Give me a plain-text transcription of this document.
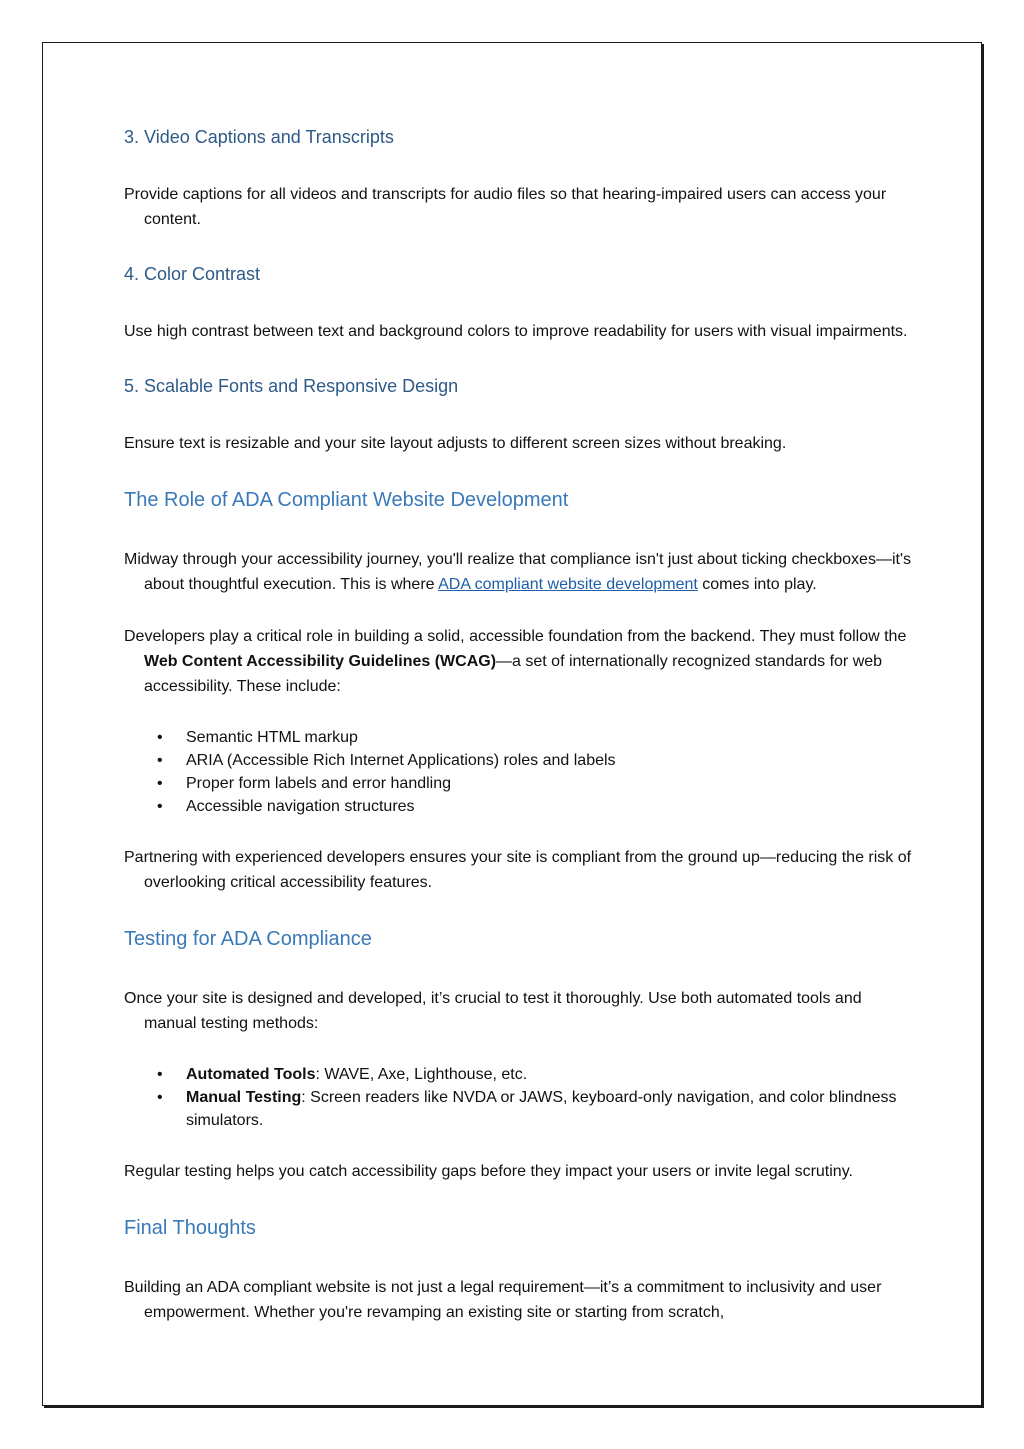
3. Video Captions and Transcripts

Provide captions for all videos and transcripts for audio files so that hearing-impaired users can access your content.

4. Color Contrast

Use high contrast between text and background colors to improve readability for users with visual impairments.

5. Scalable Fonts and Responsive Design

Ensure text is resizable and your site layout adjusts to different screen sizes without breaking.

The Role of ADA Compliant Website Development

Midway through your accessibility journey, you'll realize that compliance isn't just about ticking checkboxes—it's about thoughtful execution. This is where ADA compliant website development comes into play.

Developers play a critical role in building a solid, accessible foundation from the backend. They must follow the Web Content Accessibility Guidelines (WCAG)—a set of internationally recognized standards for web accessibility. These include:

• Semantic HTML markup
• ARIA (Accessible Rich Internet Applications) roles and labels
• Proper form labels and error handling
• Accessible navigation structures

Partnering with experienced developers ensures your site is compliant from the ground up—reducing the risk of overlooking critical accessibility features.

Testing for ADA Compliance

Once your site is designed and developed, it’s crucial to test it thoroughly. Use both automated tools and manual testing methods:

• Automated Tools: WAVE, Axe, Lighthouse, etc.
• Manual Testing: Screen readers like NVDA or JAWS, keyboard-only navigation, and color blindness simulators.

Regular testing helps you catch accessibility gaps before they impact your users or invite legal scrutiny.

Final Thoughts

Building an ADA compliant website is not just a legal requirement—it’s a commitment to inclusivity and user empowerment. Whether you're revamping an existing site or starting from scratch,
